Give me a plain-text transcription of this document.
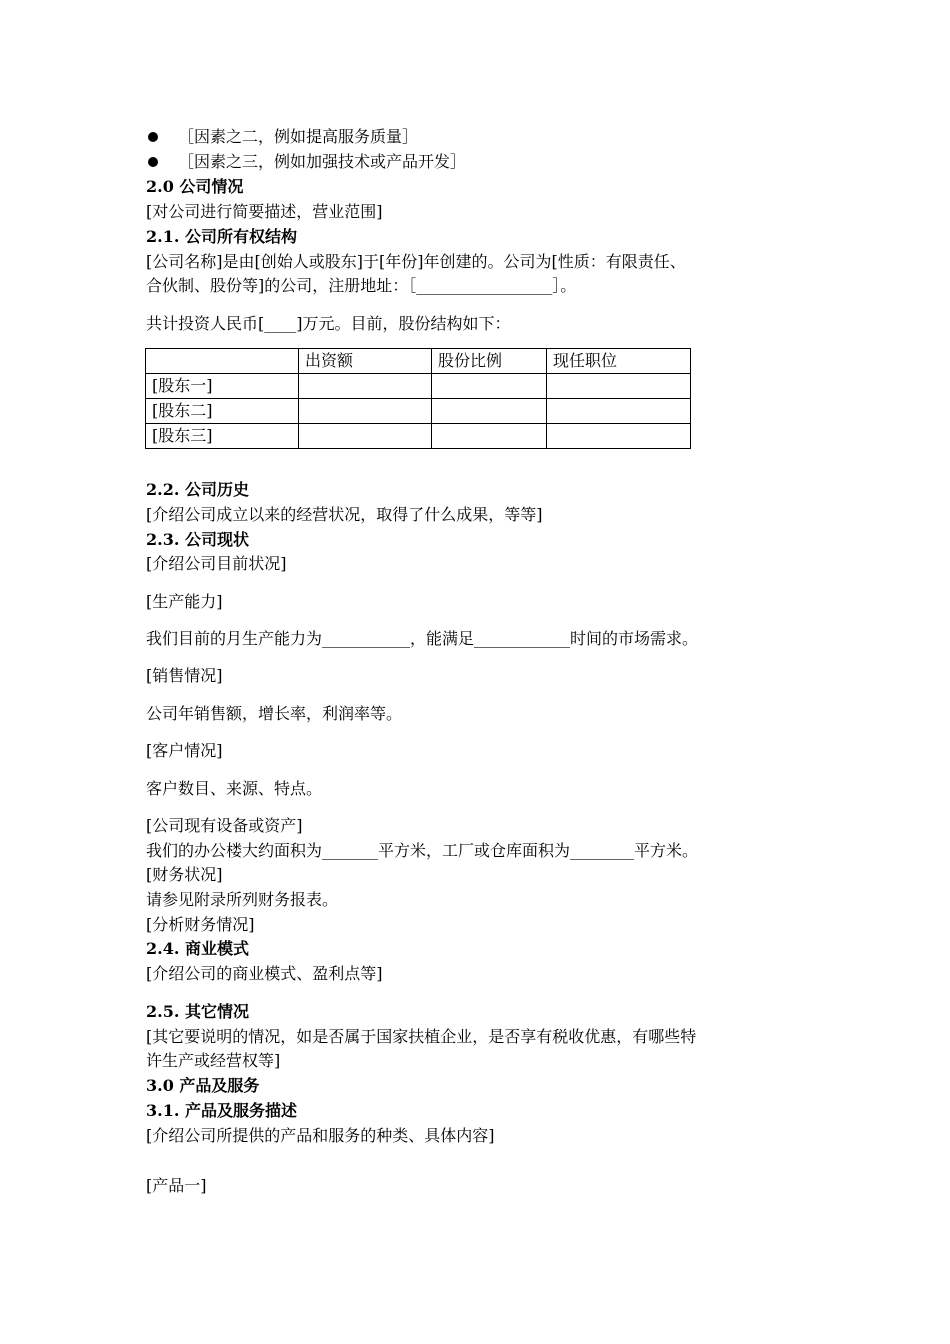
［因素之二，例如提高服务质量］
［因素之三，例如加强技术或产品开发］
2.0 公司情况
[对公司进行简要描述，营业范围]
2.1. 公司所有权结构
[公司名称]是由[创始人或股东]于[年份]年创建的。公司为[性质：有限责任、
合伙制、股份等]的公司，注册地址：［_________________］。
共计投资人民币[____]万元。目前，股份结构如下：
	出资额	股份比例	现任职位
[股东一]			
[股东二]			
[股东三]			
2.2. 公司历史
[介绍公司成立以来的经营状况，取得了什么成果，等等]
2.3. 公司现状
[介绍公司目前状况]
[生产能力]
我们目前的月生产能力为___________，能满足____________时间的市场需求。
[销售情况]
公司年销售额，增长率，利润率等。
[客户情况]
客户数目、来源、特点。
[公司现有设备或资产]
我们的办公楼大约面积为_______平方米，工厂或仓库面积为________平方米。
[财务状况]
请参见附录所列财务报表。
[分析财务情况]
2.4. 商业模式
[介绍公司的商业模式、盈利点等]
2.5. 其它情况
[其它要说明的情况，如是否属于国家扶植企业，是否享有税收优惠，有哪些特
许生产或经营权等]
3.0 产品及服务
3.1. 产品及服务描述
[介绍公司所提供的产品和服务的种类、具体内容]
[产品一]
